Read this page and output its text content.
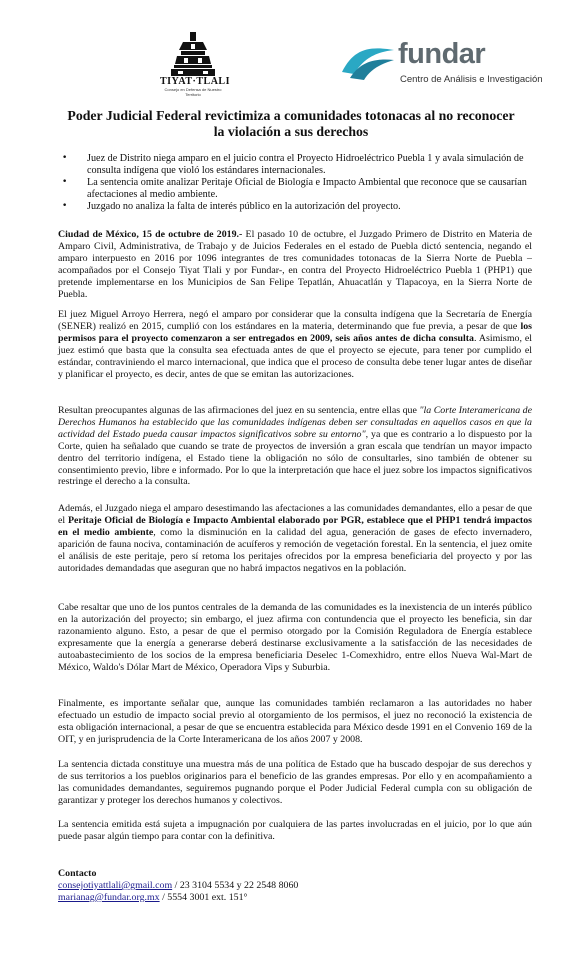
TIYAT·TLALI
Consejo en Defensa de Nuestro Territorio
fundar
Centro de Análisis e Investigación
Poder Judicial Federal revictimiza a comunidades totonacas al no reconocer
la violación a sus derechos
• Juez de Distrito niega amparo en el juicio contra el Proyecto Hidroeléctrico Puebla 1 y avala simulación de consulta indígena que violó los estándares internacionales.
• La sentencia omite analizar Peritaje Oficial de Biología e Impacto Ambiental que reconoce que se causarían afectaciones al medio ambiente.
• Juzgado no analiza la falta de interés público en la autorización del proyecto.

Ciudad de México, 15 de octubre de 2019.- El pasado 10 de octubre, el Juzgado Primero de Distrito en Materia de Amparo Civil, Administrativa, de Trabajo y de Juicios Federales en el estado de Puebla dictó sentencia, negando el amparo interpuesto en 2016 por 1096 integrantes de tres comunidades totonacas de la Sierra Norte de Puebla –acompañados por el Consejo Tiyat Tlali y por Fundar-, en contra del Proyecto Hidroeléctrico Puebla 1 (PHP1) que pretende implementarse en los Municipios de San Felipe Tepatlán, Ahuacatlán y Tlapacoya, en la Sierra Norte de Puebla.

El juez Miguel Arroyo Herrera, negó el amparo por considerar que la consulta indígena que la Secretaría de Energía (SENER) realizó en 2015, cumplió con los estándares en la materia, determinando que fue previa, a pesar de que los permisos para el proyecto comenzaron a ser entregados en 2009, seis años antes de dicha consulta. Asimismo, el juez estimó que basta que la consulta sea efectuada antes de que el proyecto se ejecute, para tener por cumplido el estándar, contraviniendo el marco internacional, que indica que el proceso de consulta debe tener lugar antes de diseñar y planificar el proyecto, es decir, antes de que se emitan las autorizaciones.

Resultan preocupantes algunas de las afirmaciones del juez en su sentencia, entre ellas que "la Corte Interamericana de Derechos Humanos ha establecido que las comunidades indígenas deben ser consultadas en aquellos casos en que la actividad del Estado pueda causar impactos significativos sobre su entorno", ya que es contrario a lo dispuesto por la Corte, quien ha señalado que cuando se trate de proyectos de inversión a gran escala que tendrían un mayor impacto dentro del territorio indígena, el Estado tiene la obligación no sólo de consultarles, sino también de obtener su consentimiento previo, libre e informado. Por lo que la interpretación que hace el juez sobre los impactos significativos restringe el derecho a la consulta.

Además, el Juzgado niega el amparo desestimando las afectaciones a las comunidades demandantes, ello a pesar de que el Peritaje Oficial de Biología e Impacto Ambiental elaborado por PGR, establece que el PHP1 tendrá impactos en el medio ambiente, como la disminución en la calidad del agua, generación de gases de efecto invernadero, aparición de fauna nociva, contaminación de acuíferos y remoción de vegetación forestal. En la sentencia, el juez omite el análisis de este peritaje, pero sí retoma los peritajes ofrecidos por la empresa beneficiaria del proyecto y por las autoridades demandadas que aseguran que no habrá impactos negativos en la población.

Cabe resaltar que uno de los puntos centrales de la demanda de las comunidades es la inexistencia de un interés público en la autorización del proyecto; sin embargo, el juez afirma con contundencia que el proyecto les beneficia, sin dar razonamiento alguno. Esto, a pesar de que el permiso otorgado por la Comisión Reguladora de Energía establece expresamente que la energía a generarse deberá destinarse exclusivamente a la satisfacción de las necesidades de autoabastecimiento de los socios de la empresa beneficiaria Deselec 1-Comexhidro, entre ellos Nueva Wal-Mart de México, Waldo's Dólar Mart de México, Operadora Vips y Suburbia.

Finalmente, es importante señalar que, aunque las comunidades también reclamaron a las autoridades no haber efectuado un estudio de impacto social previo al otorgamiento de los permisos, el juez no reconoció la existencia de esta obligación internacional, a pesar de que se encuentra establecida para México desde 1991 en el Convenio 169 de la OIT, y en jurisprudencia de la Corte Interamericana de los años 2007 y 2008.

La sentencia dictada constituye una muestra más de una política de Estado que ha buscado despojar de sus derechos y de sus territorios a los pueblos originarios para el beneficio de las grandes empresas. Por ello y en acompañamiento a las comunidades demandantes, seguiremos pugnando porque el Poder Judicial Federal cumpla con su obligación de garantizar y proteger los derechos humanos y colectivos.

La sentencia emitida está sujeta a impugnación por cualquiera de las partes involucradas en el juicio, por lo que aún puede pasar algún tiempo para contar con la definitiva.

Contacto
consejotiyattlali@gmail.com / 23 3104 5534 y 22 2548 8060
marianag@fundar.org.mx / 5554 3001 ext. 151°
